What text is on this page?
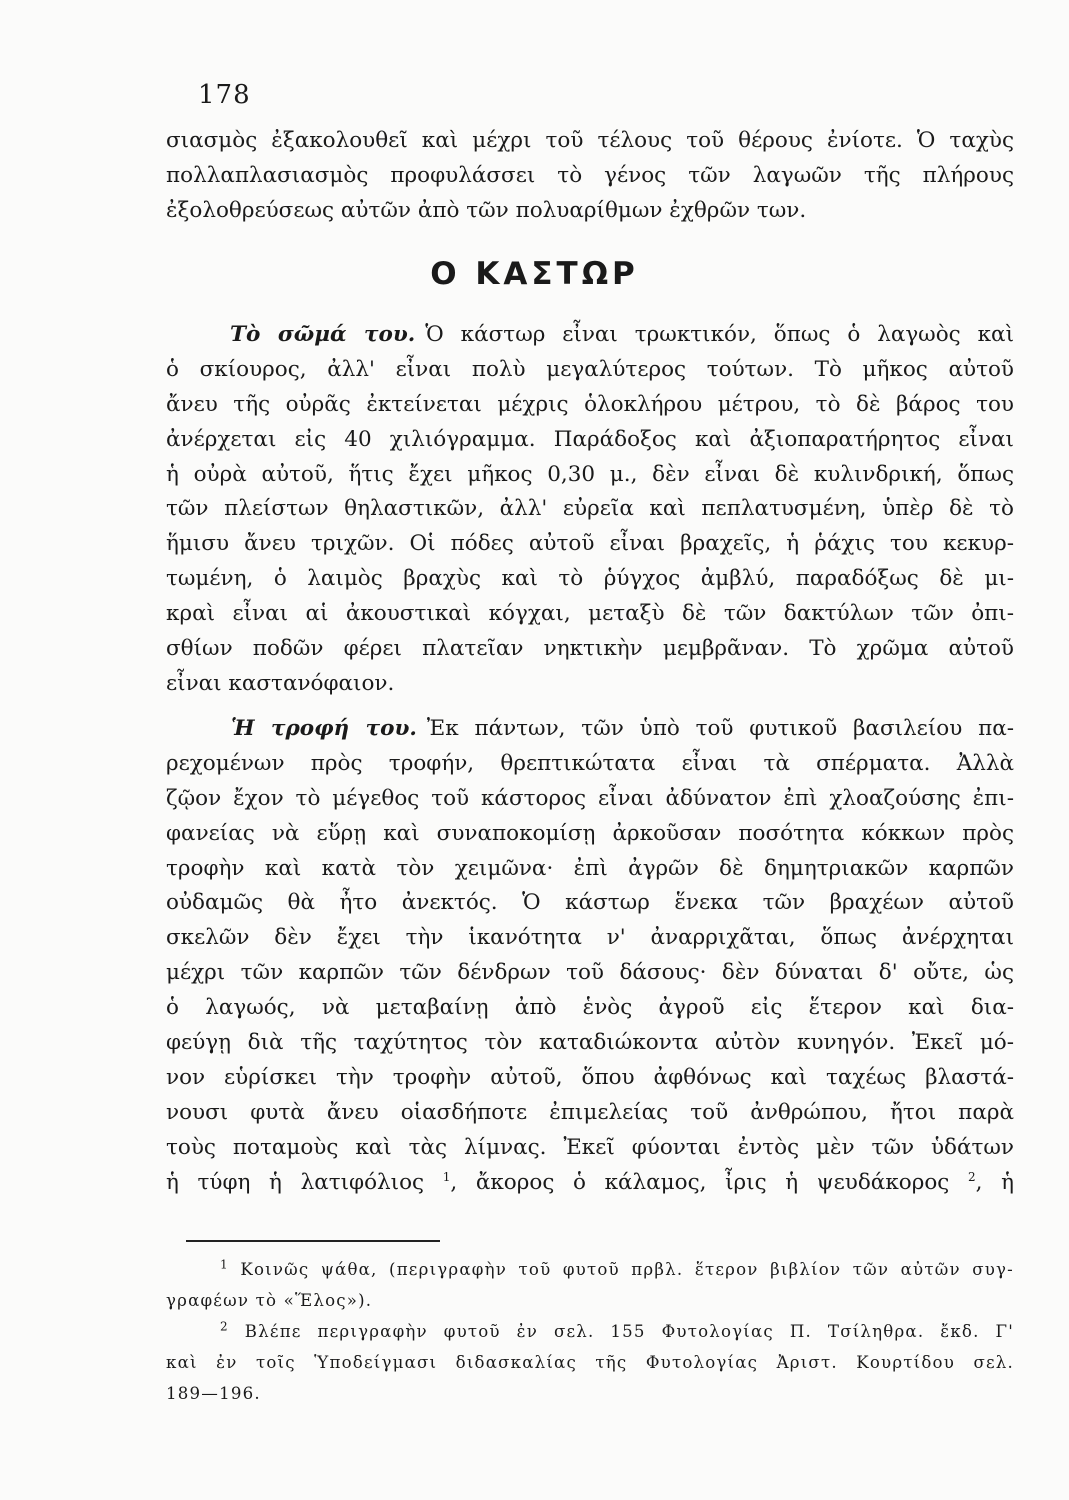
178
σιασμὸς ἐξακολουθεῖ καὶ μέχρι τοῦ τέλους τοῦ θέρους ἐνίοτε. Ὁ ταχὺς
πολλαπλασιασμὸς προφυλάσσει τὸ γένος τῶν λαγωῶν τῆς πλήρους
ἐξολοθρεύσεως αὐτῶν ἀπὸ τῶν πολυαρίθμων ἐχθρῶν των.
Ο ΚΑΣΤΩΡ
Τὸ σῶμά του. Ὁ κάστωρ εἶναι τρωκτικόν, ὅπως ὁ λαγωὸς καὶ
ὁ σκίουρος, ἀλλ' εἶναι πολὺ μεγαλύτερος τούτων. Τὸ μῆκος αὐτοῦ
ἄνευ τῆς οὐρᾶς ἐκτείνεται μέχρις ὁλοκλήρου μέτρου, τὸ δὲ βάρος του
ἀνέρχεται εἰς 40 χιλιόγραμμα. Παράδοξος καὶ ἀξιοπαρατήρητος εἶναι
ἡ οὐρὰ αὐτοῦ, ἥτις ἔχει μῆκος 0,30 μ., δὲν εἶναι δὲ κυλινδρική, ὅπως
τῶν πλείστων θηλαστικῶν, ἀλλ' εὐρεῖα καὶ πεπλατυσμένη, ὑπὲρ δὲ τὸ
ἥμισυ ἄνευ τριχῶν. Οἱ πόδες αὐτοῦ εἶναι βραχεῖς, ἡ ῥάχις του κεκυρ-
τωμένη, ὁ λαιμὸς βραχὺς καὶ τὸ ῥύγχος ἀμβλύ, παραδόξως δὲ μι-
κραὶ εἶναι αἱ ἀκουστικαὶ κόγχαι, μεταξὺ δὲ τῶν δακτύλων τῶν ὀπι-
σθίων ποδῶν φέρει πλατεῖαν νηκτικὴν μεμβρᾶναν. Τὸ χρῶμα αὐτοῦ
εἶναι καστανόφαιον.
Ἡ τροφή του. Ἐκ πάντων, τῶν ὑπὸ τοῦ φυτικοῦ βασιλείου πα-
ρεχομένων πρὸς τροφήν, θρεπτικώτατα εἶναι τὰ σπέρματα. Ἀλλὰ
ζῷον ἔχον τὸ μέγεθος τοῦ κάστορος εἶναι ἀδύνατον ἐπὶ χλοαζούσης ἐπι-
φανείας νὰ εὕρῃ καὶ συναποκομίσῃ ἀρκοῦσαν ποσότητα κόκκων πρὸς
τροφὴν καὶ κατὰ τὸν χειμῶνα· ἐπὶ ἀγρῶν δὲ δημητριακῶν καρπῶν
οὐδαμῶς θὰ ἦτο ἀνεκτός. Ὁ κάστωρ ἕνεκα τῶν βραχέων αὐτοῦ
σκελῶν δὲν ἔχει τὴν ἱκανότητα ν' ἀναρριχᾶται, ὅπως ἀνέρχηται
μέχρι τῶν καρπῶν τῶν δένδρων τοῦ δάσους· δὲν δύναται δ' οὔτε, ὡς
ὁ λαγωός, νὰ μεταβαίνῃ ἀπὸ ἑνὸς ἀγροῦ εἰς ἕτερον καὶ δια-
φεύγῃ διὰ τῆς ταχύτητος τὸν καταδιώκοντα αὐτὸν κυνηγόν. Ἐκεῖ μό-
νον εὑρίσκει τὴν τροφὴν αὐτοῦ, ὅπου ἀφθόνως καὶ ταχέως βλαστά-
νουσι φυτὰ ἄνευ οἱασδήποτε ἐπιμελείας τοῦ ἀνθρώπου, ἤτοι παρὰ
τοὺς ποταμοὺς καὶ τὰς λίμνας. Ἐκεῖ φύονται ἐντὸς μὲν τῶν ὑδάτων
ἡ τύφη ἡ λατιφόλιος $^1$, ἄκορος ὁ κάλαμος, ἶρις ἡ ψευδάκορος $^2$, ἡ
$^1$ Κοινῶς ψάθα, (περιγραφὴν τοῦ φυτοῦ πρβλ. ἕτερον βιβλίον τῶν αὐτῶν συγ-
γραφέων τὸ «Ἕλος»).
$^2$ Βλέπε περιγραφὴν φυτοῦ ἐν σελ. 155 Φυτολογίας Π. Τσίληθρα. ἔκδ. Γ'
καὶ ἐν τοῖς Ὑποδείγμασι διδασκαλίας τῆς Φυτολογίας Ἀριστ. Κουρτίδου σελ.
189—196.
